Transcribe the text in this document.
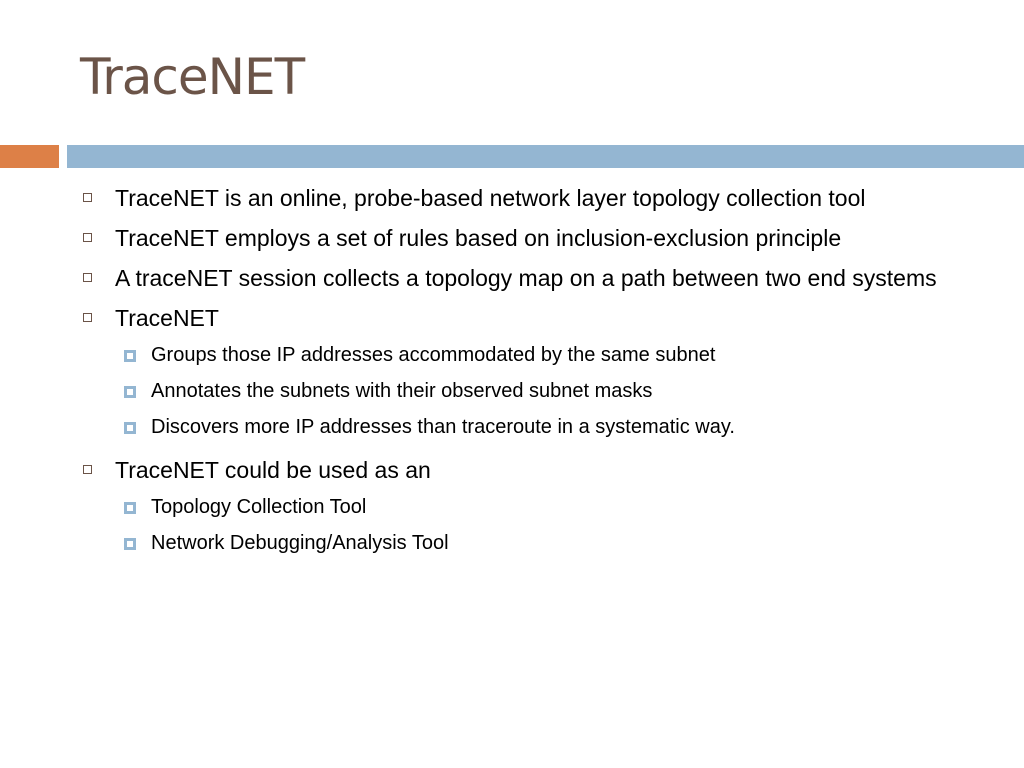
TraceNET
TraceNET is an online, probe-based network layer topology collection tool
TraceNET employs a set of rules based on inclusion-exclusion principle
A traceNET session collects a topology map on a path between two end systems
TraceNET
Groups those IP addresses accommodated by the same subnet
Annotates the subnets with their observed subnet masks
Discovers more IP addresses than traceroute in a systematic way.
TraceNET could be used as an
Topology Collection Tool
Network Debugging/Analysis Tool
